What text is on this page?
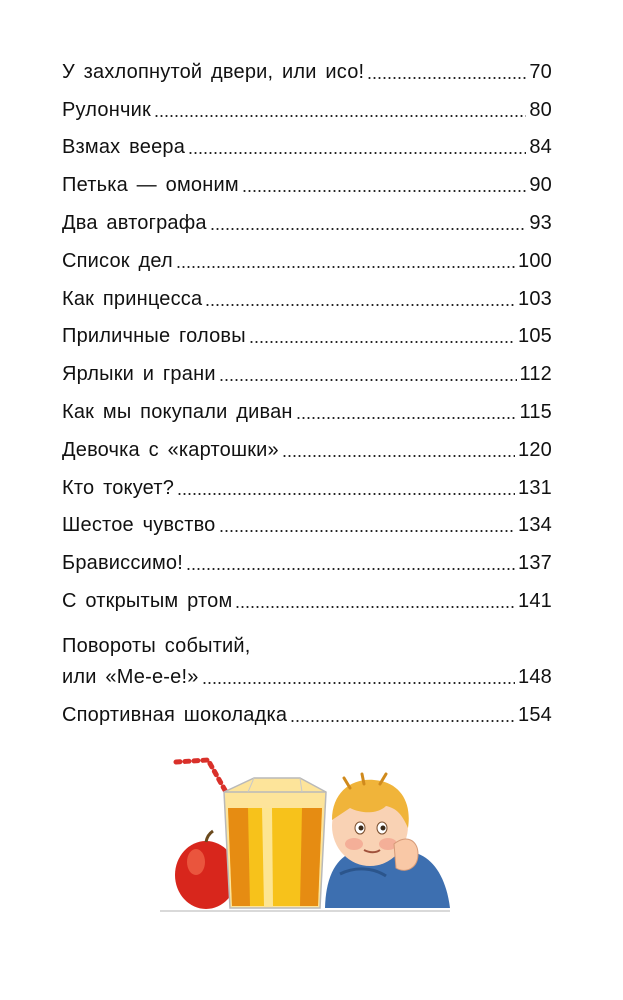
У захлопнутой двери, или исо!	70
Рулончик	80
Взмах веера	84
Петька — омоним	90
Два автографа	93
Список дел	100
Как принцесса	103
Приличные головы	105
Ярлыки и грани	112
Как мы покупали диван	115
Девочка с «картошки»	120
Кто токует?	131
Шестое чувство	134
Брависсимо!	137
С открытым ртом	141
Повороты событий,
или «Ме-е-е!»	148
Спортивная шоколадка	154
